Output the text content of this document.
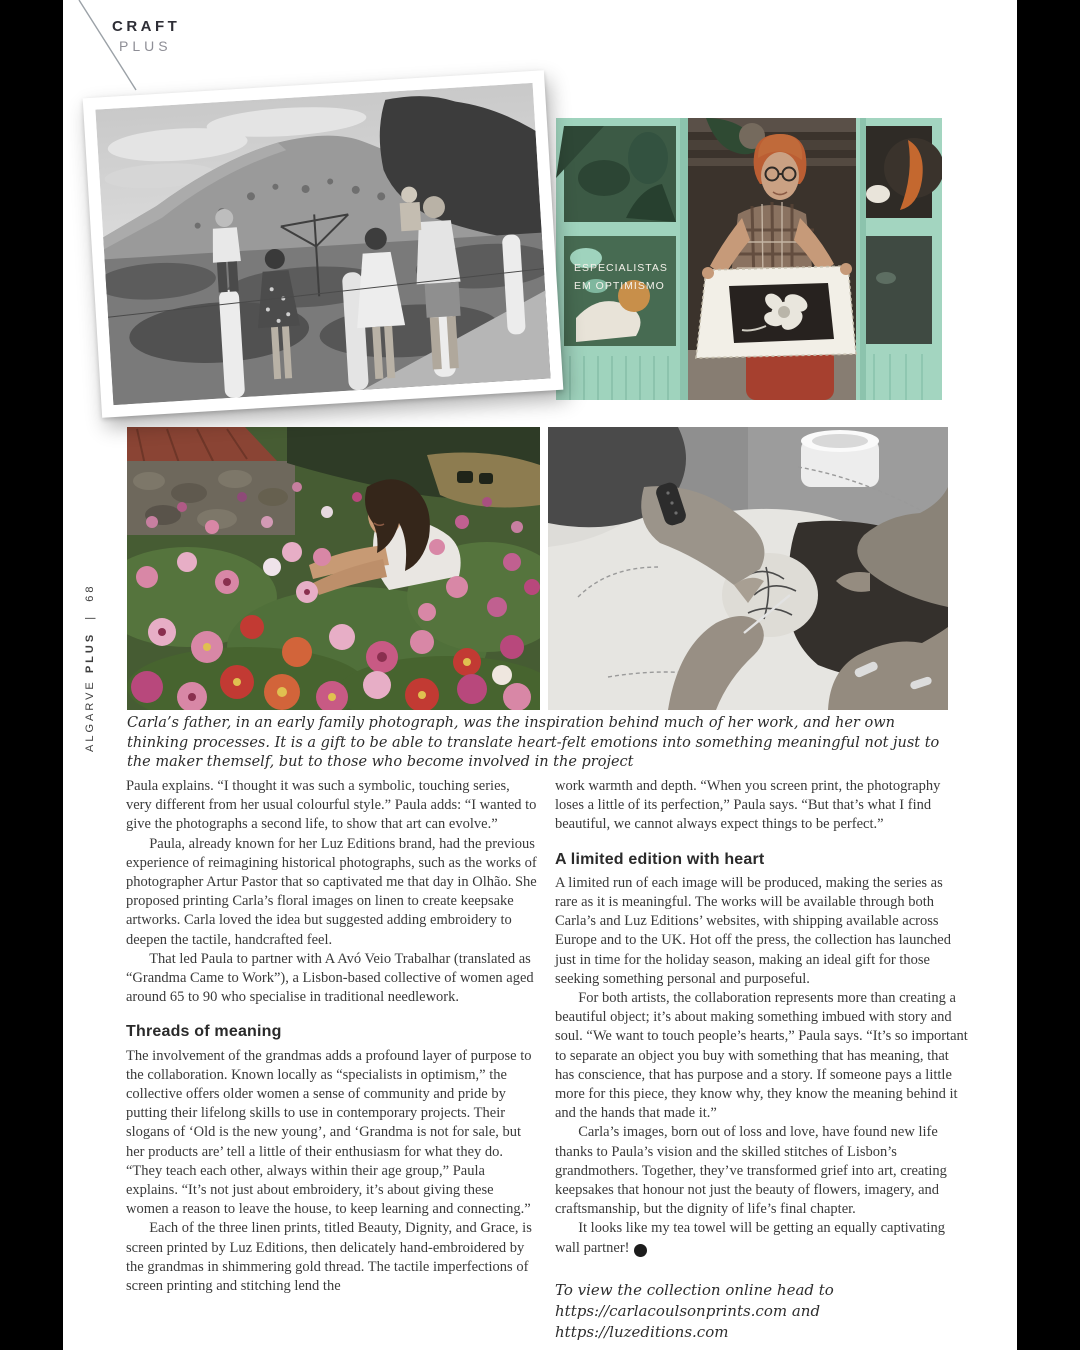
CRAFT
PLUS
ALGARVE PLUS  |  68
ESPECIALISTAS
EM OPTIMISMO
Carla’s father, in an early family photograph, was the inspiration behind much of her work, and her own thinking processes. It is a gift to be able to translate heart-felt emotions into something meaningful not just to the maker themself, but to those who become involved in the project

Paula explains. “I thought it was such a symbolic, touching series, very different from her usual colourful style.” Paula adds: “I wanted to give the photographs a second life, to show that art can evolve.”

Paula, already known for her Luz Editions brand, had the previous experience of reimagining historical photographs, such as the works of photographer Artur Pastor that so captivated me that day in Olhão. She proposed printing Carla’s floral images on linen to create keepsake artworks. Carla loved the idea but suggested adding embroidery to deepen the tactile, handcrafted feel.

That led Paula to partner with A Avó Veio Trabalhar (translated as “Grandma Came to Work”), a Lisbon-based collective of women aged around 65 to 90 who specialise in traditional needlework.

Threads of meaning

The involvement of the grandmas adds a profound layer of purpose to the collaboration. Known locally as “specialists in optimism,” the collective offers older women a sense of community and pride by putting their lifelong skills to use in contemporary projects. Their slogans of ‘Old is the new young’, and ‘Grandma is not for sale, but her products are’ tell a little of their enthusiasm for what they do. “They teach each other, always within their age group,” Paula explains. “It’s not just about embroidery, it’s about giving these women a reason to leave the house, to keep learning and connecting.”

Each of the three linen prints, titled Beauty, Dignity, and Grace, is screen printed by Luz Editions, then delicately hand-embroidered by the grandmas in shimmering gold thread. The tactile imperfections of screen printing and stitching lend the

work warmth and depth. “When you screen print, the photography loses a little of its perfection,” Paula says. “But that’s what I find beautiful, we cannot always expect things to be perfect.”

A limited edition with heart

A limited run of each image will be produced, making the series as rare as it is meaningful. The works will be available through both Carla’s and Luz Editions’ websites, with shipping available across Europe and to the UK. Hot off the press, the collection has launched just in time for the holiday season, making an ideal gift for those seeking something personal and purposeful.

For both artists, the collaboration represents more than creating a beautiful object; it’s about making something imbued with story and soul. “We want to touch people’s hearts,” Paula says. “It’s so important to separate an object you buy with something that has meaning, that has conscience, that has purpose and a story. If someone pays a little more for this piece, they know why, they know the meaning behind it and the hands that made it.”

Carla’s images, born out of loss and love, have found new life thanks to Paula’s vision and the skilled stitches of Lisbon’s grandmothers. Together, they’ve transformed grief into art, creating keepsakes that honour not just the beauty of flowers, imagery, and craftsmanship, but the dignity of life’s final chapter.

It looks like my tea towel will be getting an equally captivating wall partner!	P

To view the collection online head to https://carlacoulsonprints.com and https://luzeditions.com
